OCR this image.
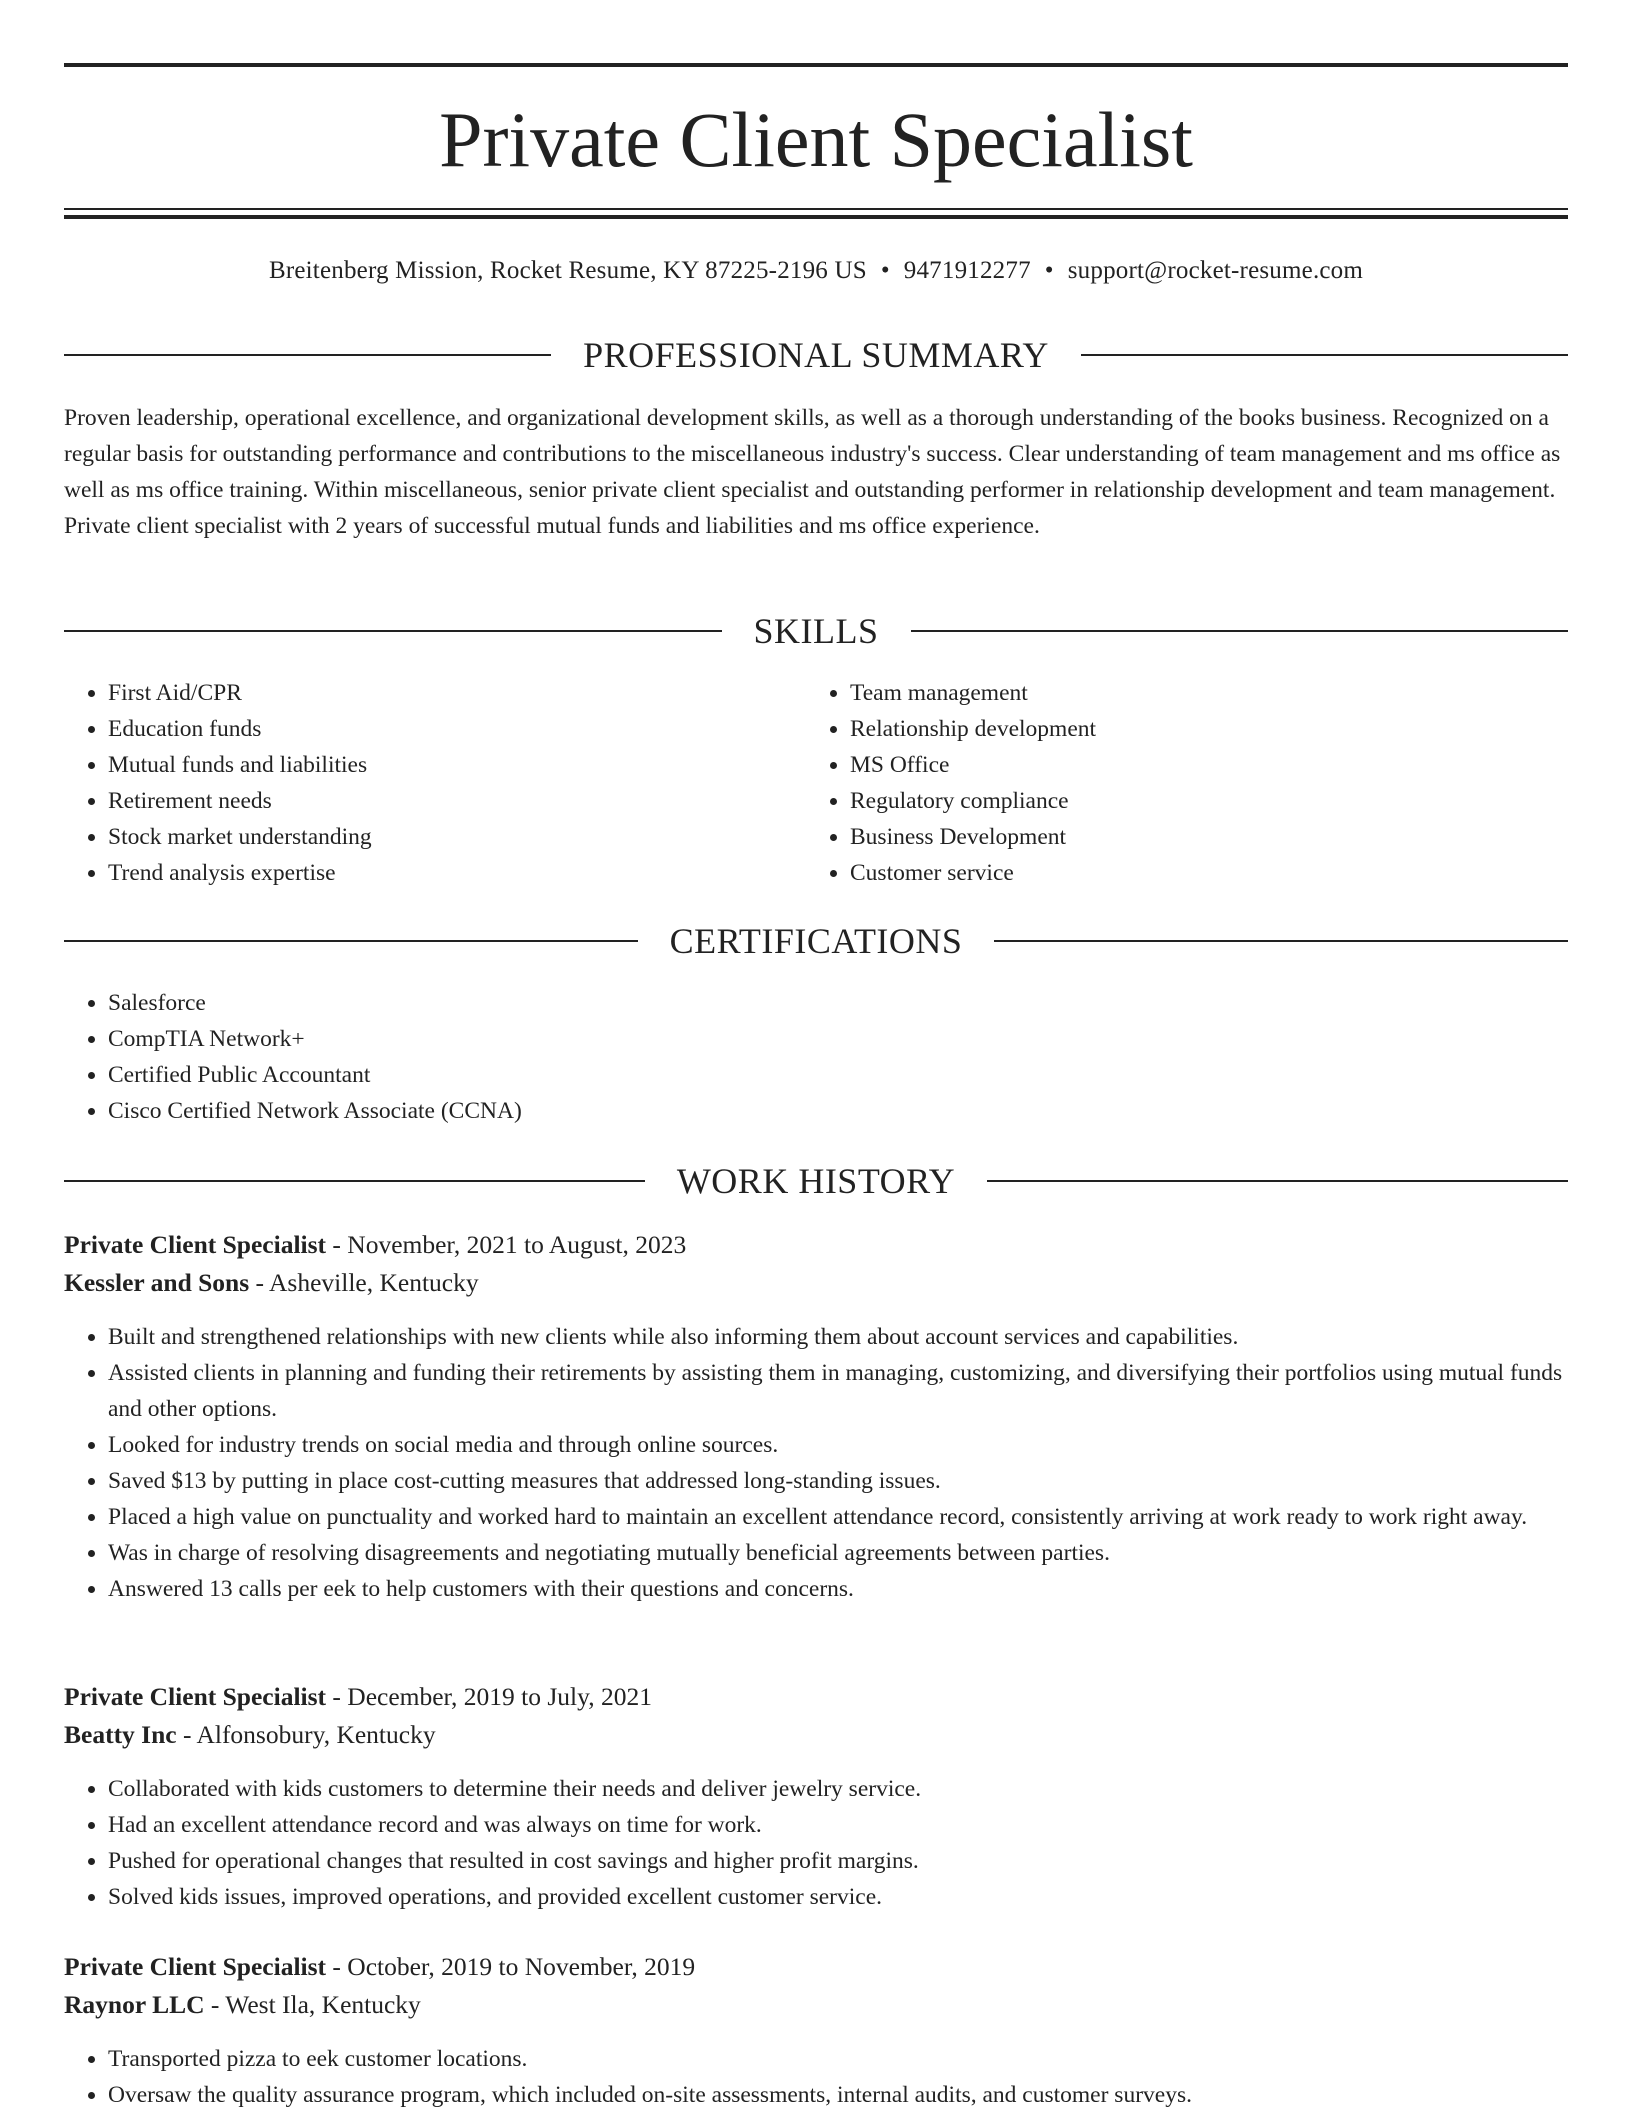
Private Client Specialist
Breitenberg Mission, Rocket Resume, KY 87225-2196 US • 9471912277 • support@rocket-resume.com
PROFESSIONAL SUMMARY

Proven leadership, operational excellence, and organizational development skills, as well as a thorough understanding of the books business. Recognized on a regular basis for outstanding performance and contributions to the miscellaneous industry's success. Clear understanding of team management and ms office as well as ms office training. Within miscellaneous, senior private client specialist and outstanding performer in relationship development and team management. Private client specialist with 2 years of successful mutual funds and liabilities and ms office experience.

SKILLS
• First Aid/CPR
• Education funds
• Mutual funds and liabilities
• Retirement needs
• Stock market understanding
• Trend analysis expertise
• Team management
• Relationship development
• MS Office
• Regulatory compliance
• Business Development
• Customer service
CERTIFICATIONS
• Salesforce
• CompTIA Network+
• Certified Public Accountant
• Cisco Certified Network Associate (CCNA)
WORK HISTORY

Private Client Specialist - November, 2021 to August, 2023

Kessler and Sons - Asheville, Kentucky

• Built and strengthened relationships with new clients while also informing them about account services and capabilities.
• Assisted clients in planning and funding their retirements by assisting them in managing, customizing, and diversifying their portfolios using mutual funds and other options.
• Looked for industry trends on social media and through online sources.
• Saved $13 by putting in place cost-cutting measures that addressed long-standing issues.
• Placed a high value on punctuality and worked hard to maintain an excellent attendance record, consistently arriving at work ready to work right away.
• Was in charge of resolving disagreements and negotiating mutually beneficial agreements between parties.
• Answered 13 calls per eek to help customers with their questions and concerns.

Private Client Specialist - December, 2019 to July, 2021

Beatty Inc - Alfonsobury, Kentucky

• Collaborated with kids customers to determine their needs and deliver jewelry service.
• Had an excellent attendance record and was always on time for work.
• Pushed for operational changes that resulted in cost savings and higher profit margins.
• Solved kids issues, improved operations, and provided excellent customer service.

Private Client Specialist - October, 2019 to November, 2019

Raynor LLC - West Ila, Kentucky

• Transported pizza to eek customer locations.
• Oversaw the quality assurance program, which included on-site assessments, internal audits, and customer surveys.
